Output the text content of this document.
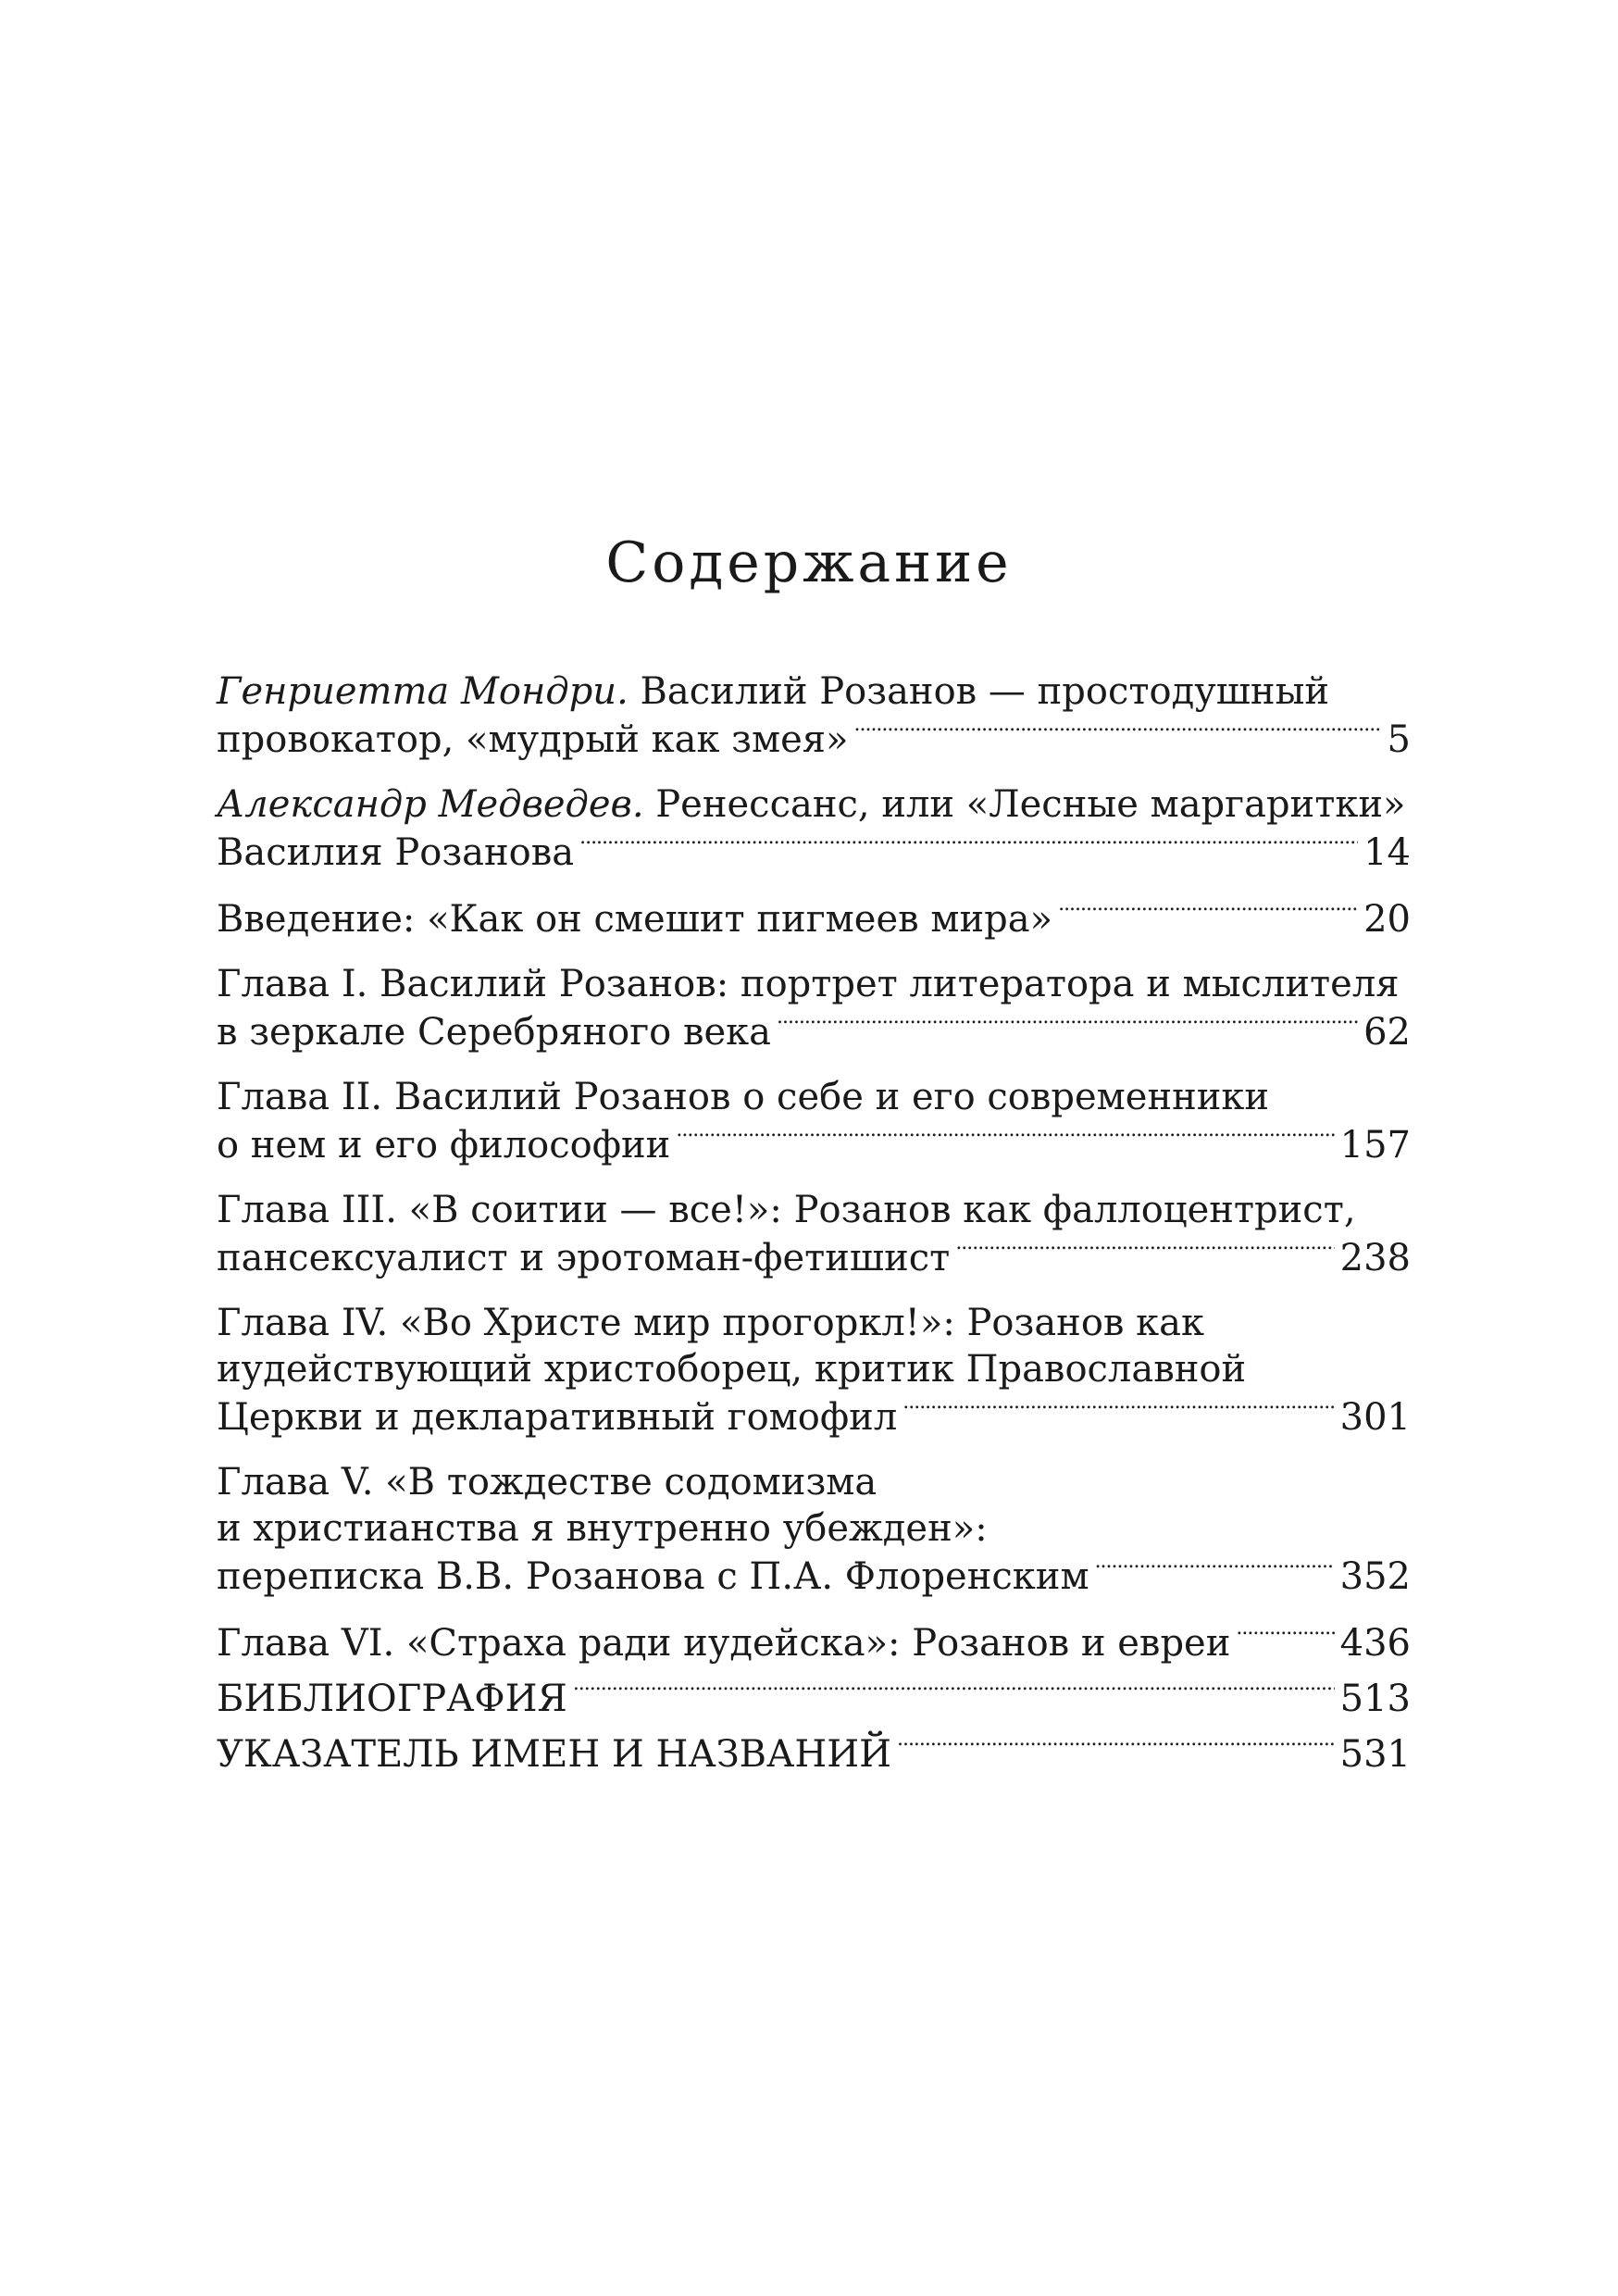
Содержание
Генриетта Мондри. Василий Розанов — простодушный
провокатор, «мудрый как змея» . . .	5
Александр Медведев. Ренессанс, или «Лесные маргаритки»
Василия Розанова . . .	14
Введение: «Как он смешит пигмеев мира» . . .	20
Глава I. Василий Розанов: портрет литератора и мыслителя
в зеркале Серебряного века . . .	62
Глава II. Василий Розанов о себе и его современники
о нем и его философии . . .	157
Глава III. «В соитии — все!»: Розанов как фаллоцентрист,
пансексуалист и эротоман-фетишист . . .	238
Глава IV. «Во Христе мир прогоркл!»: Розанов как
иудействующий христоборец, критик Православной
Церкви и декларативный гомофил . . .	301
Глава V. «В тождестве содомизма
и христианства я внутренно убежден»:
переписка В.В. Розанова с П.А. Флоренским . . .	352
Глава VI. «Страха ради иудейска»: Розанов и евреи . . .	436
БИБЛИОГРАФИЯ . . .	513
УКАЗАТЕЛЬ ИМЕН И НАЗВАНИЙ . . .	531
